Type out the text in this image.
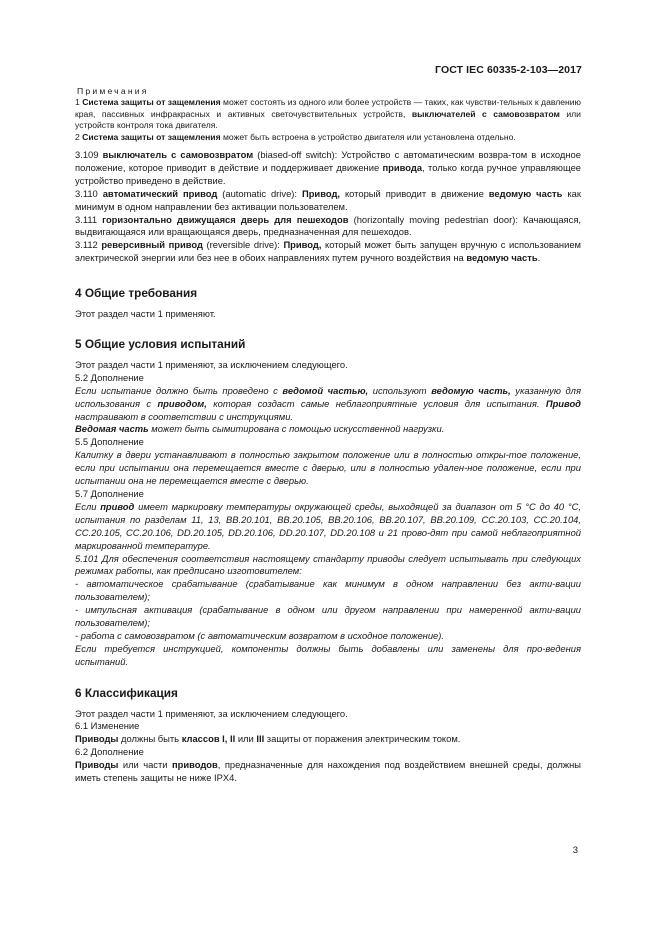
ГОСТ IEC 60335-2-103—2017

Примечания

1 Система защиты от защемления может состоять из одного или более устройств — таких, как чувстви-тельных к давлению края, пассивных инфракрасных и активных светочувствительных устройств, выключателей с самовозвратом или устройств контроля тока двигателя.

2 Система защиты от защемления может быть встроена в устройство двигателя или установлена отдельно.

3.109 выключатель с самовозвратом (biased-off switch): Устройство с автоматическим возвра-том в исходное положение, которое приводит в действие и поддерживает движение привода, только когда ручное управляющее устройство приведено в действие.

3.110 автоматический привод (automatic drive): Привод, который приводит в движение ведомую часть как минимум в одном направлении без активации пользователем.

3.111 горизонтально движущаяся дверь для пешеходов (horizontally moving pedestrian door): Качающаяся, выдвигающаяся или вращающаяся дверь, предназначенная для пешеходов.

3.112 реверсивный привод (reversible drive): Привод, который может быть запущен вручную с использованием электрической энергии или без нее в обоих направлениях путем ручного воздействия на ведомую часть.

4 Общие требования

Этот раздел части 1 применяют.

5 Общие условия испытаний

Этот раздел части 1 применяют, за исключением следующего.

5.2 Дополнение

Если испытание должно быть проведено с ведомой частью, используют ведомую часть, указанную для использования с приводом, которая создаст самые неблагоприятные условия для испытания. Привод настраивают в соответствии с инструкциями.

Ведомая часть может быть сымитирована с помощью искусственной нагрузки.

5.5 Дополнение

Калитку в двери устанавливают в полностью закрытом положение или в полностью откры-тое положение, если при испытании она перемещается вместе с дверью, или в полностью удален-ное положение, если при испытании она не перемещается вместе с дверью.

5.7 Дополнение

Если привод имеет маркировку температуры окружающей среды, выходящей за диапазон от 5 °С до 40 °С, испытания по разделам 11, 13, ВВ.20.101, ВВ.20.105, ВВ.20.106, ВВ.20.107, ВВ.20.109, СС.20.103, СС.20.104, СС.20.105, СС.20.106, DD.20.105, DD.20.106, DD.20.107, DD.20.108 и 21 прово-дят при самой неблагоприятной маркированной температуре.

5.101 Для обеспечения соответствия настоящему стандарту приводы следует испытывать при следующих режимах работы, как предписано изготовителем:

- автоматическое срабатывание (срабатывание как минимум в одном направлении без акти-вации пользователем);

- импульсная активация (срабатывание в одном или другом направлении при намеренной акти-вации пользователем);

- работа с самовозвратом (с автоматическим возвратом в исходное положение).

Если требуется инструкцией, компоненты должны быть добавлены или заменены для про-ведения испытаний.

6 Классификация

Этот раздел части 1 применяют, за исключением следующего.

6.1 Изменение

Приводы должны быть классов I, II или III защиты от поражения электрическим током.

6.2 Дополнение

Приводы или части приводов, предназначенные для нахождения под воздействием внешней среды, должны иметь степень защиты не ниже IPX4.

3
